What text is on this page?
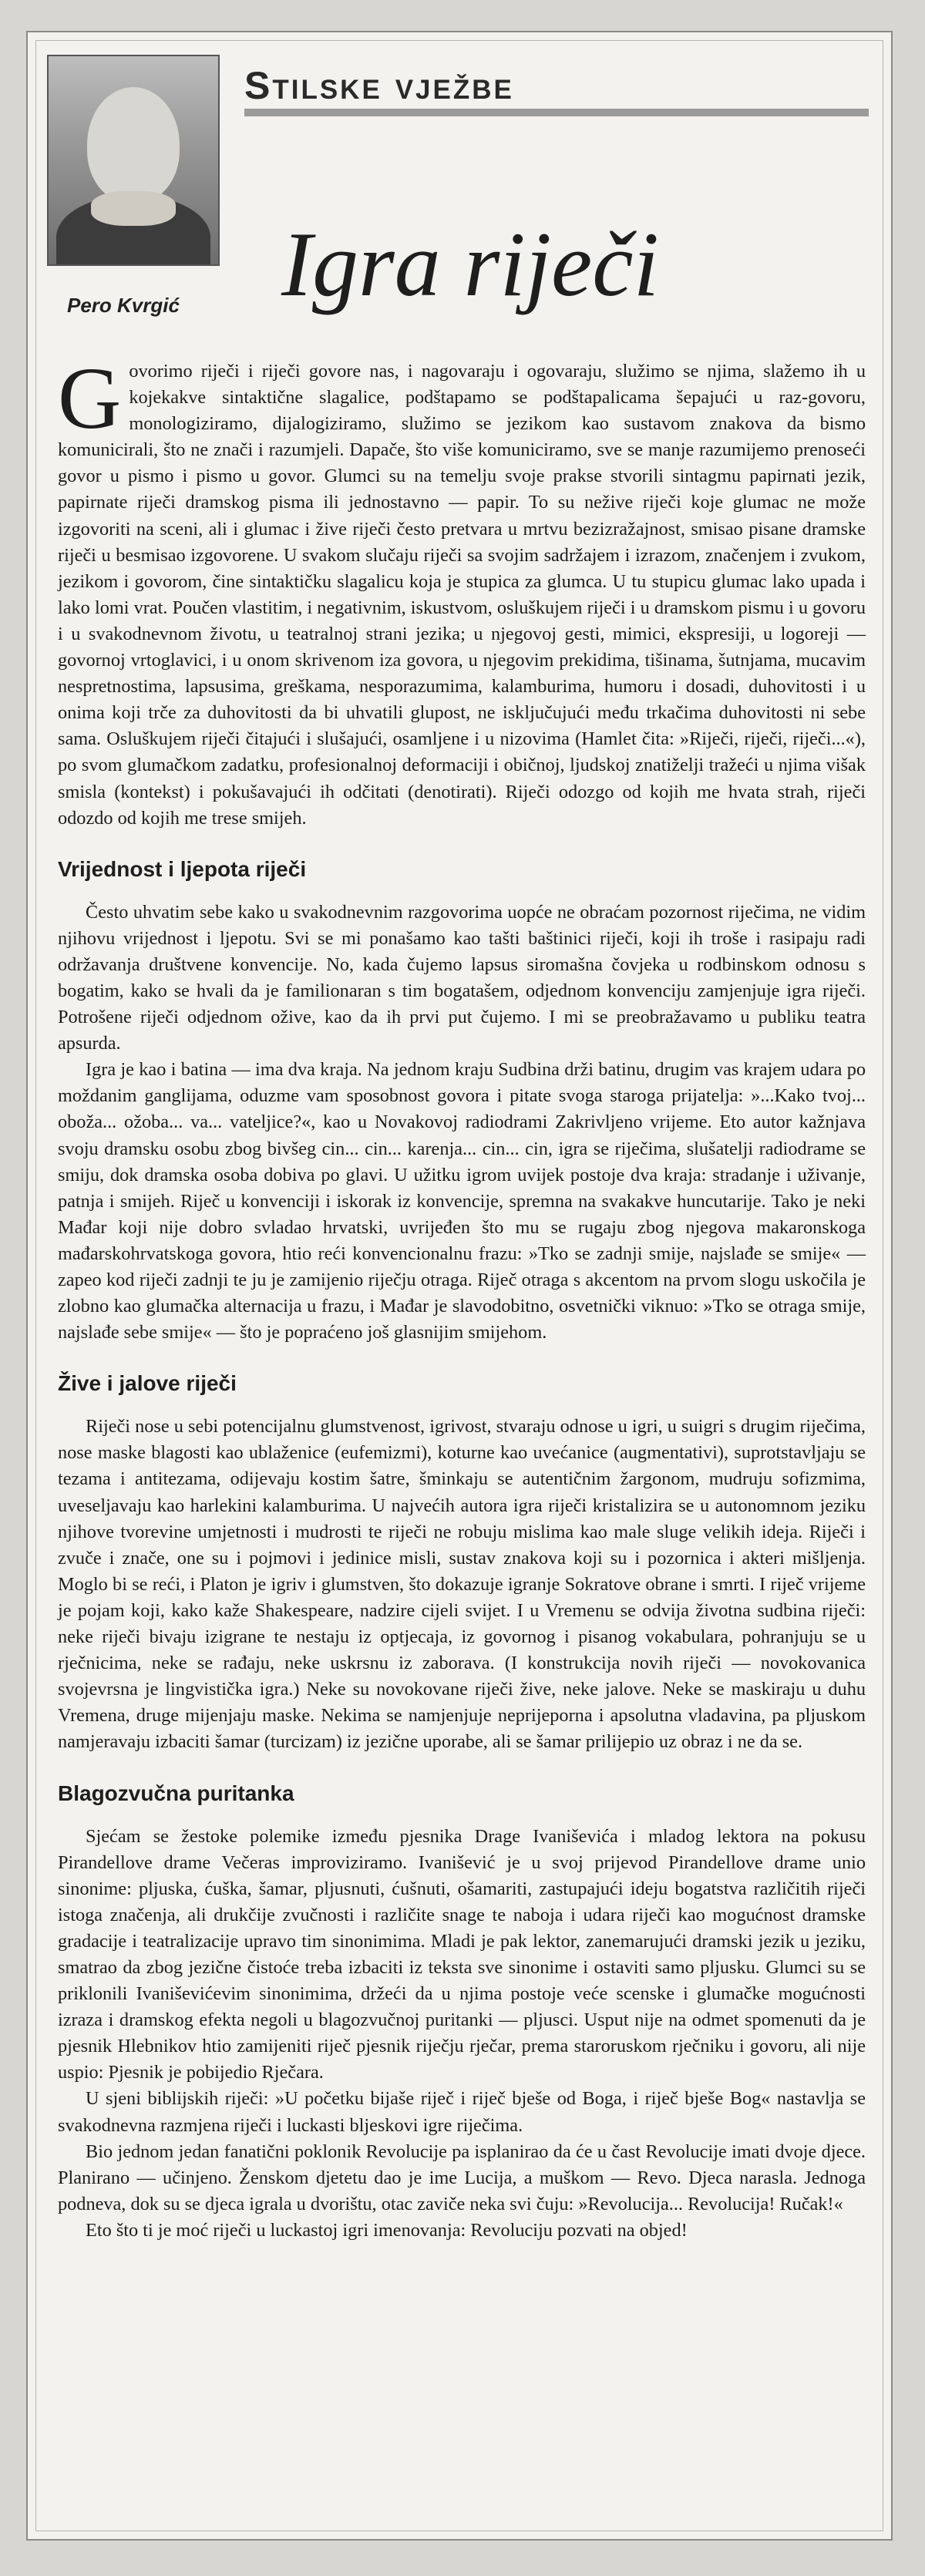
Pero Kvrgić
Stilske vježbe
Igra riječi

Govorimo riječi i riječi govore nas, i nagovaraju i ogovaraju, služimo se njima, slažemo ih u kojekakve sintaktične slagalice, podštapamo se podštapalicama šepajući u raz-govoru, monologiziramo, dijalogiziramo, služimo se jezikom kao sustavom znakova da bismo komunicirali, što ne znači i razumjeli. Dapače, što više komuniciramo, sve se manje razumijemo prenoseći govor u pismo i pismo u govor. Glumci su na temelju svoje prakse stvorili sintagmu papirnati jezik, papirnate riječi dramskog pisma ili jednostavno — papir. To su neživе riječi koje glumac ne može izgovoriti na sceni, ali i glumac i žive riječi često pretvara u mrtvu bezizražajnost, smisao pisane dramske riječi u besmisao izgovorene. U svakom slučaju riječi sa svojim sadržajem i izrazom, značenjem i zvukom, jezikom i govorom, čine sintaktičku slagalicu koja je stupica za glumca. U tu stupicu glumac lako upada i lako lomi vrat. Poučen vlastitim, i negativnim, iskustvom, osluškujem riječi i u dramskom pismu i u govoru i u svakodnevnom životu, u teatralnoj strani jezika; u njegovoj gesti, mimici, ekspresiji, u logoreji — govornoj vrtoglavici, i u onom skrivenom iza govora, u njegovim prekidima, tišinama, šutnjama, mucavim nespretnostima, lapsusima, greškama, nesporazumima, kalamburima, humoru i dosadi, duhovitosti i u onima koji trče za duhovitosti da bi uhvatili glupost, ne isključujući među trkačima duhovitosti ni sebe sama. Osluškujem riječi čitajući i slušajući, osamljene i u nizovima (Hamlet čita: »Riječi, riječi, riječi...«), po svom glumačkom zadatku, profesionalnoj deformaciji i običnoj, ljudskoj znatiželji tražeći u njima višak smisla (kontekst) i pokušavajući ih odčitati (denotirati). Riječi odozgo od kojih me hvata strah, riječi odozdo od kojih me trese smijeh.

Vrijednost i ljepota riječi

Često uhvatim sebe kako u svakodnevnim razgovorima uopće ne obraćam pozornost riječima, ne vidim njihovu vrijednost i ljepotu. Svi se mi ponašamo kao tašti baštinici riječi, koji ih troše i rasipaju radi održavanja društvene konvencije. No, kada čujemo lapsus siromašna čovjeka u rodbinskom odnosu s bogatim, kako se hvali da je familionaran s tim bogatašem, odjednom konvenciju zamjenjuje igra riječi. Potrošene riječi odjednom ožive, kao da ih prvi put čujemo. I mi se preobražavamo u publiku teatra apsurda.

Igra je kao i batina — ima dva kraja. Na jednom kraju Sudbina drži batinu, drugim vas krajem udara po moždanim ganglijama, oduzme vam sposobnost govora i pitate svoga staroga prijatelja: »...Kako tvoj... oboža... ožoba... va... vateljice?«, kao u Novakovoj radiodrami Zakrivljeno vrijeme. Eto autor kažnjava svoju dramsku osobu zbog bivšeg cin... cin... karenja... cin... cin, igra se riječima, slušatelji radiodrame se smiju, dok dramska osoba dobiva po glavi. U užitku igrom uvijek postoje dva kraja: stradanje i uživanje, patnja i smijeh. Riječ u konvenciji i iskorak iz konvencije, spremna na svakakve huncutarije. Tako je neki Mađar koji nije dobro svladao hrvatski, uvrijeđen što mu se rugaju zbog njegova makaronskoga mađarskohrvatskoga govora, htio reći konvencionalnu frazu: »Tko se zadnji smije, najslađe se smije« — zapeo kod riječi zadnji te ju je zamijenio riječju otraga. Riječ otraga s akcentom na prvom slogu uskočila je zlobno kao glumačka alternacija u frazu, i Mađar je slavodobitno, osvetnički viknuo: »Tko se otraga smije, najslađe sebe smije« — što je popraćeno još glasnijim smijehom.

Žive i jalove riječi

Riječi nose u sebi potencijalnu glumstvenost, igrivost, stvaraju odnose u igri, u suigri s drugim riječima, nose maske blagosti kao ublaženice (eufemizmi), koturne kao uvećanice (augmentativi), suprotstavljaju se tezama i antitezama, odijevaju kostim šatre, šminkaju se autentičnim žargonom, mudruju sofizmima, uveseljavaju kao harlekini kalamburima. U najvećih autora igra riječi kristalizira se u autonomnom jeziku njihove tvorevine umjetnosti i mudrosti te riječi ne robuju mislima kao male sluge velikih ideja. Riječi i zvuče i znače, one su i pojmovi i jedinice misli, sustav znakova koji su i pozornica i akteri mišljenja. Moglo bi se reći, i Platon je igriv i glumstven, što dokazuje igranje Sokratove obrane i smrti. I riječ vrijeme je pojam koji, kako kaže Shakespeare, nadzire cijeli svijet. I u Vremenu se odvija životna sudbina riječi: neke riječi bivaju izigrane te nestaju iz optjecaja, iz govornog i pisanog vokabulara, pohranjuju se u rječnicima, neke se rađaju, neke uskrsnu iz zaborava. (I konstrukcija novih riječi — novokovanica svojevrsna je lingvistička igra.) Neke su novokovane riječi žive, neke jalove. Neke se maskiraju u duhu Vremena, druge mijenjaju maske. Nekima se namjenjuje neprijeporna i apsolutna vladavina, pa pljuskom namjeravaju izbaciti šamar (turcizam) iz jezične uporabe, ali se šamar prilijepio uz obraz i ne da se.

Blagozvučna puritanka

Sjećam se žestoke polemike između pjesnika Drage Ivaniševića i mladog lektora na pokusu Pirandellove drame Večeras improviziramo. Ivanišević je u svoj prijevod Pirandellove drame unio sinonime: pljuska, ćuška, šamar, pljusnuti, ćušnuti, ošamariti, zastupajući ideju bogatstva različitih riječi istoga značenja, ali drukčije zvučnosti i različite snage te naboja i udara riječi kao mogućnost dramske gradacije i teatralizacije upravo tim sinonimima. Mladi je pak lektor, zanemarujući dramski jezik u jeziku, smatrao da zbog jezične čistoće treba izbaciti iz teksta sve sinonime i ostaviti samo pljusku. Glumci su se priklonili Ivaniševićevim sinonimima, držeći da u njima postoje veće scenske i glumačke mogućnosti izraza i dramskog efekta negoli u blagozvučnoj puritanki — pljusci. Usput nije na odmet spomenuti da je pjesnik Hlebnikov htio zamijeniti riječ pjesnik riječju rječar, prema staroruskom rječniku i govoru, ali nije uspio: Pjesnik je pobijedio Rječara.

U sjeni biblijskih riječi: »U početku bijaše riječ i riječ bješe od Boga, i riječ bješe Bog« nastavlja se svakodnevna razmjena riječi i luckasti bljeskovi igre riječima.

Bio jednom jedan fanatični poklonik Revolucije pa isplanirao da će u čast Revolucije imati dvoje djece. Planirano — učinjeno. Ženskom djetetu dao je ime Lucija, a muškom — Revo. Djeca narasla. Jednoga podneva, dok su se djeca igrala u dvorištu, otac zaviče neka svi čuju: »Revolucija... Revolucija! Ručak!«

Eto što ti je moć riječi u luckastoj igri imenovanja: Revoluciju pozvati na objed!
